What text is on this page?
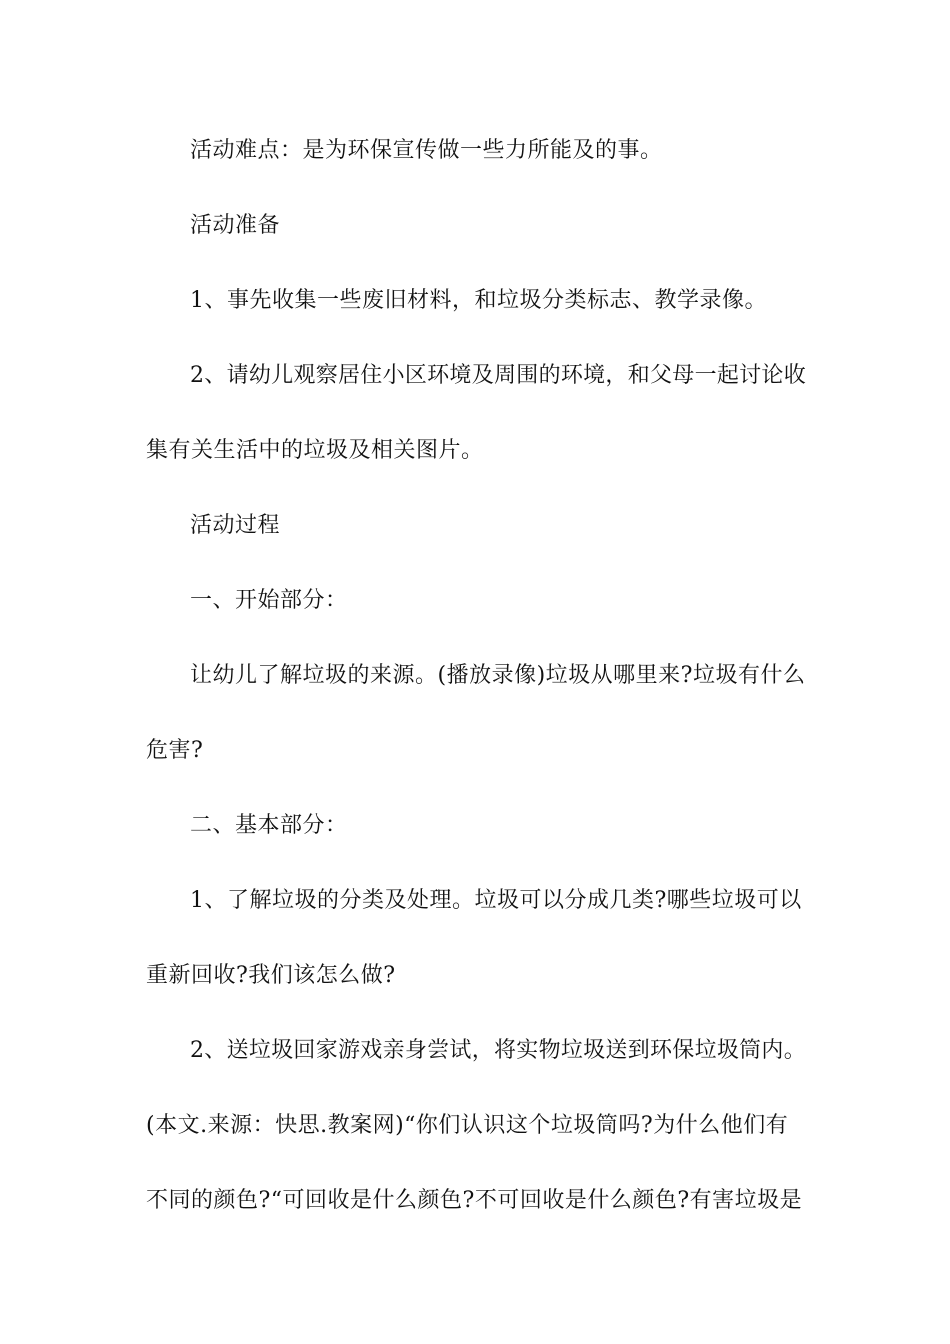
活动难点：是为环保宣传做一些力所能及的事。
活动准备
1、事先收集一些废旧材料，和垃圾分类标志、教学录像。
2、请幼儿观察居住小区环境及周围的环境，和父母一起讨论收
集有关生活中的垃圾及相关图片。
活动过程
一、开始部分：
让幼儿了解垃圾的来源。(播放录像)垃圾从哪里来?垃圾有什么
危害?
二、基本部分：
1、了解垃圾的分类及处理。垃圾可以分成几类?哪些垃圾可以
重新回收?我们该怎么做?
2、送垃圾回家游戏亲身尝试，将实物垃圾送到环保垃圾筒内。
(本文.来源：快思.教案网)“你们认识这个垃圾筒吗?为什么他们有
不同的颜色?“可回收是什么颜色?不可回收是什么颜色?有害垃圾是
